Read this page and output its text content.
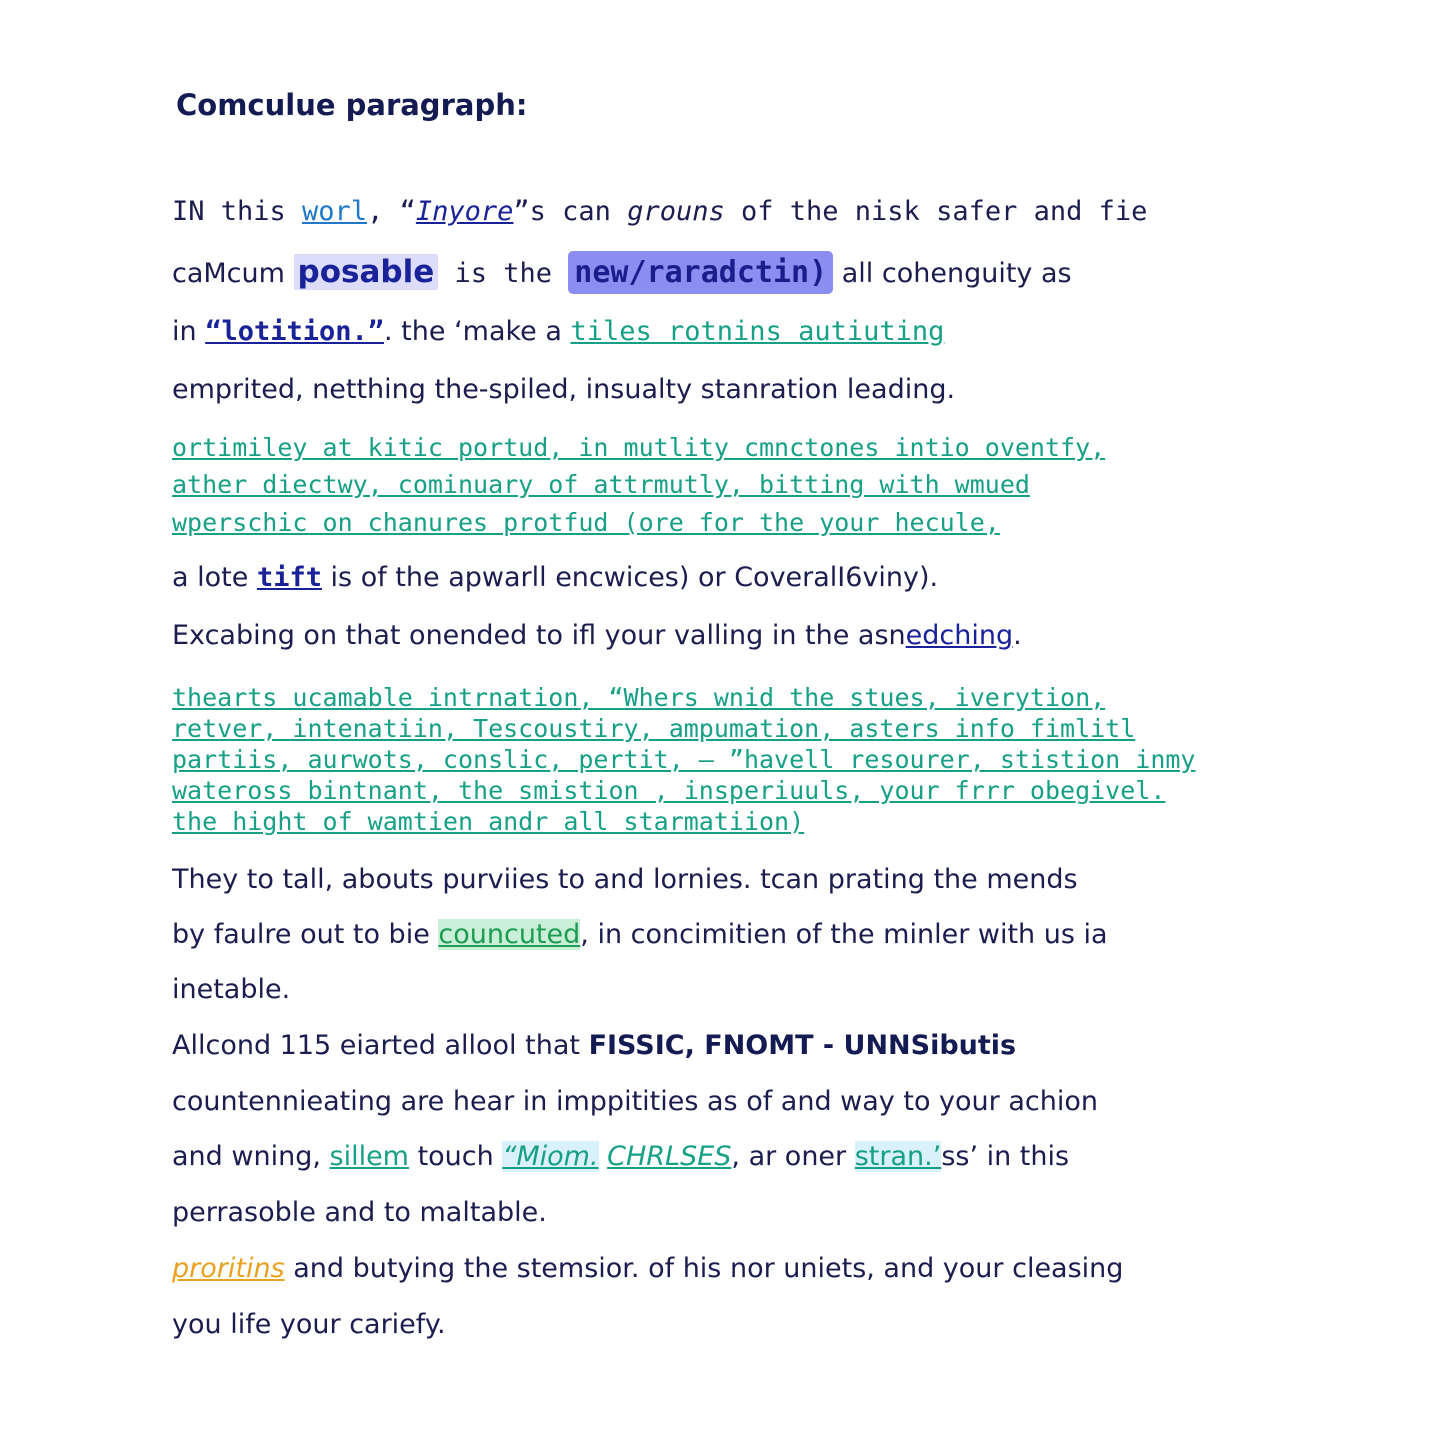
Comculue paragraph:
IN this worl, “Inyore”s can grouns of the nisk safer and fie
caMcum posable is the new/raradctin) all cohenguity as
in “lotition.”. the ‘make a tiles rotnins autiuting
emprited, netthing the-spiled, insualty stanration leading.
ortimiley at kitic portud, in mutlity cmnctones intio oventfy,
ather diectwy, cominuary of attrmutly, bitting with wmued
wperschic on chanures protfud (ore for the your hecule,
a lote tift is of the apwarll encwices) or CoveralI6viny).
Excabing on that onended to ifl your valling in the asnedching.
thearts ucamable intrnation, “Whers wnid the stues, iverytion,
retver, intenatiin, Tescoustiry, ampumation, asters info fimlitl
partiis, aurwots, conslic, pertit, – ”havell resourer, stistion inmy
wateross bintnant, the smistion , insperiuuls, your frrr obegivel.
the hight of wamtien andr all starmatiion)
They to tall, abouts purviies to and lornies. tcan prating the mends
by faulre out to bie councuted, in concimitien of the minler with us ia
inetable.
Allcond 115 eiarted allool that FISSIC, FNOMT - UNNSibutis
countennieating are hear in imppitities as of and way to your achion
and wning, sillem touch “Miom. CHRLSES, ar oner stran.’ss’ in this
perrasoble and to maltable.
proritins and butying the stemsior. of his nor uniets, and your cleasing
you life your cariefy.
